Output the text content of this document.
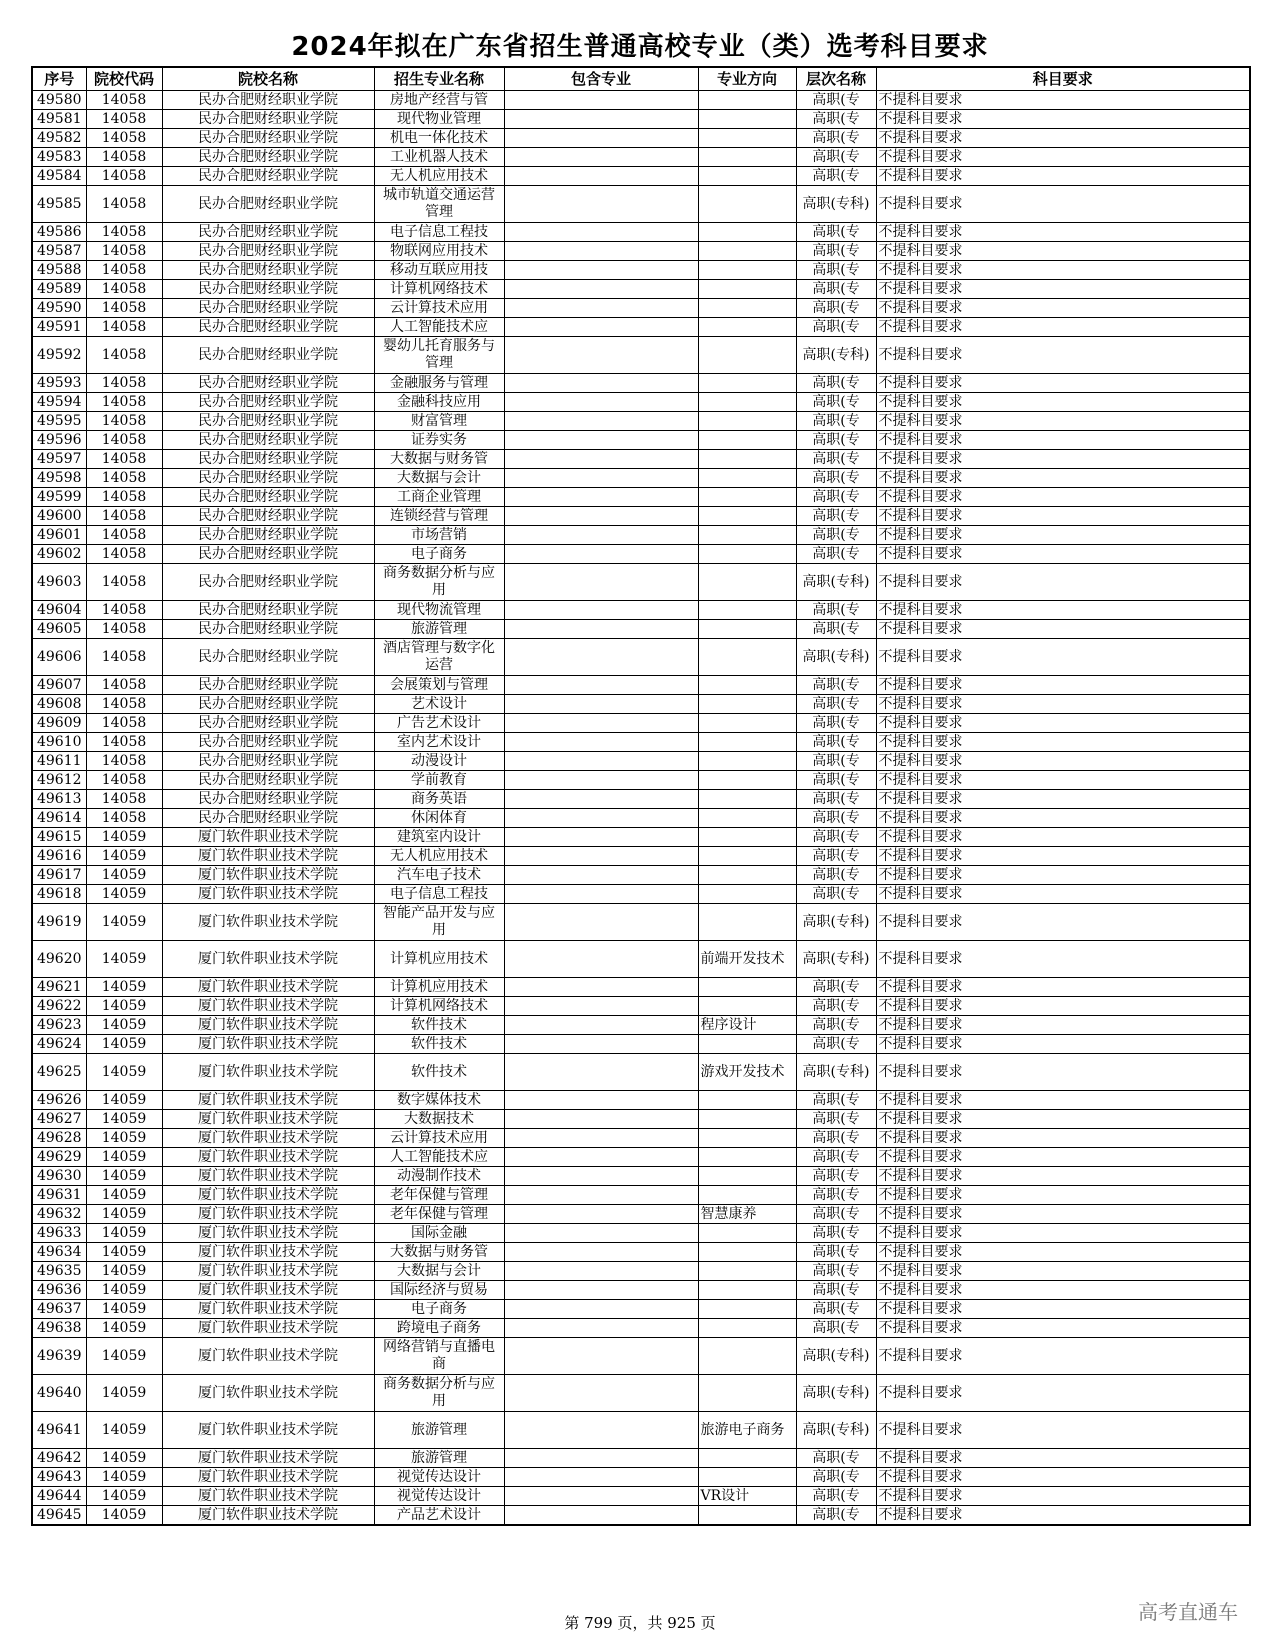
2024年拟在广东省招生普通高校专业（类）选考科目要求
序号	院校代码	院校名称	招生专业名称	包含专业	专业方向	层次名称	科目要求
49580	14058	民办合肥财经职业学院	房地产经营与管			高职(专	不提科目要求
49581	14058	民办合肥财经职业学院	现代物业管理			高职(专	不提科目要求
49582	14058	民办合肥财经职业学院	机电一体化技术			高职(专	不提科目要求
49583	14058	民办合肥财经职业学院	工业机器人技术			高职(专	不提科目要求
49584	14058	民办合肥财经职业学院	无人机应用技术			高职(专	不提科目要求
49585	14058	民办合肥财经职业学院	城市轨道交通运营管理			高职(专科)	不提科目要求
49586	14058	民办合肥财经职业学院	电子信息工程技			高职(专	不提科目要求
49587	14058	民办合肥财经职业学院	物联网应用技术			高职(专	不提科目要求
49588	14058	民办合肥财经职业学院	移动互联应用技			高职(专	不提科目要求
49589	14058	民办合肥财经职业学院	计算机网络技术			高职(专	不提科目要求
49590	14058	民办合肥财经职业学院	云计算技术应用			高职(专	不提科目要求
49591	14058	民办合肥财经职业学院	人工智能技术应			高职(专	不提科目要求
49592	14058	民办合肥财经职业学院	婴幼儿托育服务与管理			高职(专科)	不提科目要求
49593	14058	民办合肥财经职业学院	金融服务与管理			高职(专	不提科目要求
49594	14058	民办合肥财经职业学院	金融科技应用			高职(专	不提科目要求
49595	14058	民办合肥财经职业学院	财富管理			高职(专	不提科目要求
49596	14058	民办合肥财经职业学院	证券实务			高职(专	不提科目要求
49597	14058	民办合肥财经职业学院	大数据与财务管			高职(专	不提科目要求
49598	14058	民办合肥财经职业学院	大数据与会计			高职(专	不提科目要求
49599	14058	民办合肥财经职业学院	工商企业管理			高职(专	不提科目要求
49600	14058	民办合肥财经职业学院	连锁经营与管理			高职(专	不提科目要求
49601	14058	民办合肥财经职业学院	市场营销			高职(专	不提科目要求
49602	14058	民办合肥财经职业学院	电子商务			高职(专	不提科目要求
49603	14058	民办合肥财经职业学院	商务数据分析与应用			高职(专科)	不提科目要求
49604	14058	民办合肥财经职业学院	现代物流管理			高职(专	不提科目要求
49605	14058	民办合肥财经职业学院	旅游管理			高职(专	不提科目要求
49606	14058	民办合肥财经职业学院	酒店管理与数字化运营			高职(专科)	不提科目要求
49607	14058	民办合肥财经职业学院	会展策划与管理			高职(专	不提科目要求
49608	14058	民办合肥财经职业学院	艺术设计			高职(专	不提科目要求
49609	14058	民办合肥财经职业学院	广告艺术设计			高职(专	不提科目要求
49610	14058	民办合肥财经职业学院	室内艺术设计			高职(专	不提科目要求
49611	14058	民办合肥财经职业学院	动漫设计			高职(专	不提科目要求
49612	14058	民办合肥财经职业学院	学前教育			高职(专	不提科目要求
49613	14058	民办合肥财经职业学院	商务英语			高职(专	不提科目要求
49614	14058	民办合肥财经职业学院	休闲体育			高职(专	不提科目要求
49615	14059	厦门软件职业技术学院	建筑室内设计			高职(专	不提科目要求
49616	14059	厦门软件职业技术学院	无人机应用技术			高职(专	不提科目要求
49617	14059	厦门软件职业技术学院	汽车电子技术			高职(专	不提科目要求
49618	14059	厦门软件职业技术学院	电子信息工程技			高职(专	不提科目要求
49619	14059	厦门软件职业技术学院	智能产品开发与应用			高职(专科)	不提科目要求
49620	14059	厦门软件职业技术学院	计算机应用技术		前端开发技术	高职(专科)	不提科目要求
49621	14059	厦门软件职业技术学院	计算机应用技术			高职(专	不提科目要求
49622	14059	厦门软件职业技术学院	计算机网络技术			高职(专	不提科目要求
49623	14059	厦门软件职业技术学院	软件技术		程序设计	高职(专	不提科目要求
49624	14059	厦门软件职业技术学院	软件技术			高职(专	不提科目要求
49625	14059	厦门软件职业技术学院	软件技术		游戏开发技术	高职(专科)	不提科目要求
49626	14059	厦门软件职业技术学院	数字媒体技术			高职(专	不提科目要求
49627	14059	厦门软件职业技术学院	大数据技术			高职(专	不提科目要求
49628	14059	厦门软件职业技术学院	云计算技术应用			高职(专	不提科目要求
49629	14059	厦门软件职业技术学院	人工智能技术应			高职(专	不提科目要求
49630	14059	厦门软件职业技术学院	动漫制作技术			高职(专	不提科目要求
49631	14059	厦门软件职业技术学院	老年保健与管理			高职(专	不提科目要求
49632	14059	厦门软件职业技术学院	老年保健与管理		智慧康养	高职(专	不提科目要求
49633	14059	厦门软件职业技术学院	国际金融			高职(专	不提科目要求
49634	14059	厦门软件职业技术学院	大数据与财务管			高职(专	不提科目要求
49635	14059	厦门软件职业技术学院	大数据与会计			高职(专	不提科目要求
49636	14059	厦门软件职业技术学院	国际经济与贸易			高职(专	不提科目要求
49637	14059	厦门软件职业技术学院	电子商务			高职(专	不提科目要求
49638	14059	厦门软件职业技术学院	跨境电子商务			高职(专	不提科目要求
49639	14059	厦门软件职业技术学院	网络营销与直播电商			高职(专科)	不提科目要求
49640	14059	厦门软件职业技术学院	商务数据分析与应用			高职(专科)	不提科目要求
49641	14059	厦门软件职业技术学院	旅游管理		旅游电子商务	高职(专科)	不提科目要求
49642	14059	厦门软件职业技术学院	旅游管理			高职(专	不提科目要求
49643	14059	厦门软件职业技术学院	视觉传达设计			高职(专	不提科目要求
49644	14059	厦门软件职业技术学院	视觉传达设计		VR设计	高职(专	不提科目要求
49645	14059	厦门软件职业技术学院	产品艺术设计			高职(专	不提科目要求
第 799 页，共 925 页	高考直通车
